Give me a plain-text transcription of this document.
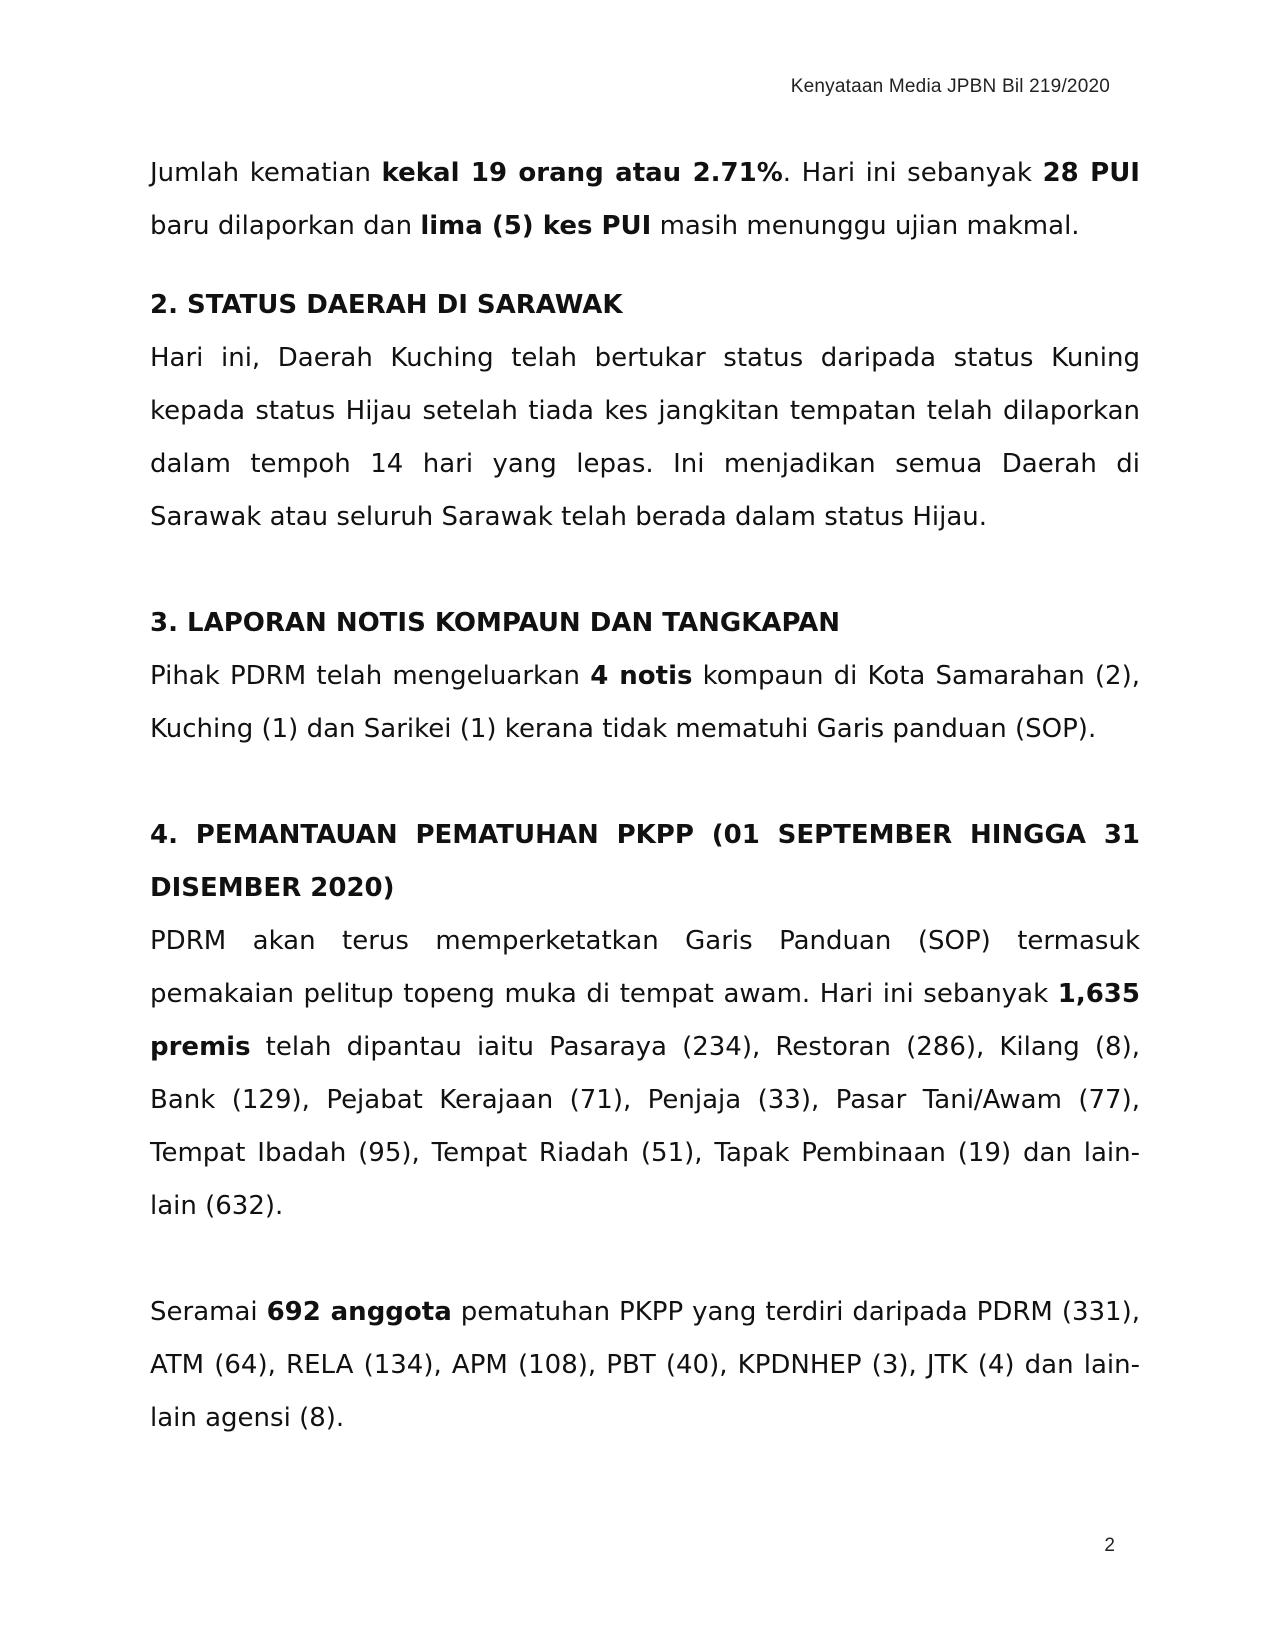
Kenyataan Media JPBN Bil 219/2020

Jumlah kematian kekal 19 orang atau 2.71%. Hari ini sebanyak 28 PUI baru dilaporkan dan lima (5) kes PUI masih menunggu ujian makmal.

2. STATUS DAERAH DI SARAWAK

Hari ini, Daerah Kuching telah bertukar status daripada status Kuning kepada status Hijau setelah tiada kes jangkitan tempatan telah dilaporkan dalam tempoh 14 hari yang lepas. Ini menjadikan semua Daerah di Sarawak atau seluruh Sarawak telah berada dalam status Hijau.

3. LAPORAN NOTIS KOMPAUN DAN TANGKAPAN

Pihak PDRM telah mengeluarkan 4 notis kompaun di Kota Samarahan (2), Kuching (1) dan Sarikei (1) kerana tidak mematuhi Garis panduan (SOP).

4. PEMANTAUAN PEMATUHAN PKPP (01 SEPTEMBER HINGGA 31 DISEMBER 2020)

PDRM akan terus memperketatkan Garis Panduan (SOP) termasuk pemakaian pelitup topeng muka di tempat awam. Hari ini sebanyak 1,635 premis telah dipantau iaitu Pasaraya (234), Restoran (286), Kilang (8), Bank (129), Pejabat Kerajaan (71), Penjaja (33), Pasar Tani/Awam (77), Tempat Ibadah (95), Tempat Riadah (51), Tapak Pembinaan (19) dan lain-lain (632).

Seramai 692 anggota pematuhan PKPP yang terdiri daripada PDRM (331), ATM (64), RELA (134), APM (108), PBT (40), KPDNHEP (3), JTK (4) dan lain-lain agensi (8).

2
